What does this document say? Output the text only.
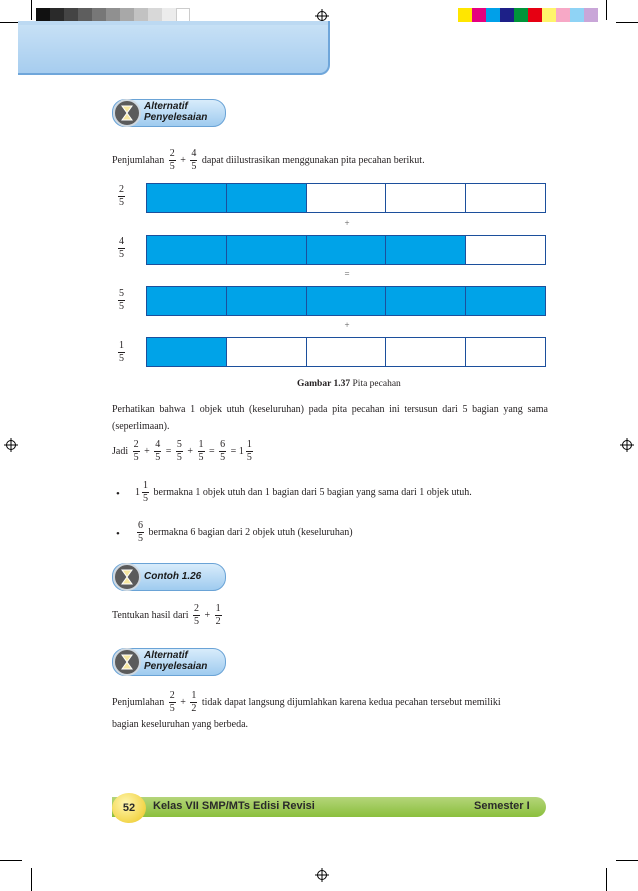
Alternatif
Penyelesaian
Penjumlahan $\frac{2}{5} + \frac{4}{5}$ dapat diilustrasikan menggunakan pita pecahan berikut.
$\frac{2}{5}$
$\frac{4}{5}$
$\frac{5}{5}$
$\frac{1}{5}$
+
=
+
Gambar 1.37 Pita pecahan
Perhatikan bahwa 1 objek utuh (keseluruhan) pada pita pecahan ini tersusun dari 5 bagian yang sama (seperlimaan).
Jadi $\frac{2}{5} + \frac{4}{5} = \frac{5}{5} + \frac{1}{5} = \frac{6}{5} = 1 \frac{1}{5}$
• $1 \frac{1}{5}$ bermakna 1 objek utuh dan 1 bagian dari 5 bagian yang sama dari 1 objek utuh.
• $\frac{6}{5}$ bermakna 6 bagian dari 2 objek utuh (keseluruhan)
Contoh 1.26
Tentukan hasil dari $\frac{2}{5} + \frac{1}{2}$
Alternatif
Penyelesaian
Penjumlahan $\frac{2}{5} + \frac{1}{2}$ tidak dapat langsung dijumlahkan karena kedua pecahan tersebut memiliki
bagian keseluruhan yang berbeda.
52	Kelas VII SMP/MTs Edisi Revisi	Semester I
